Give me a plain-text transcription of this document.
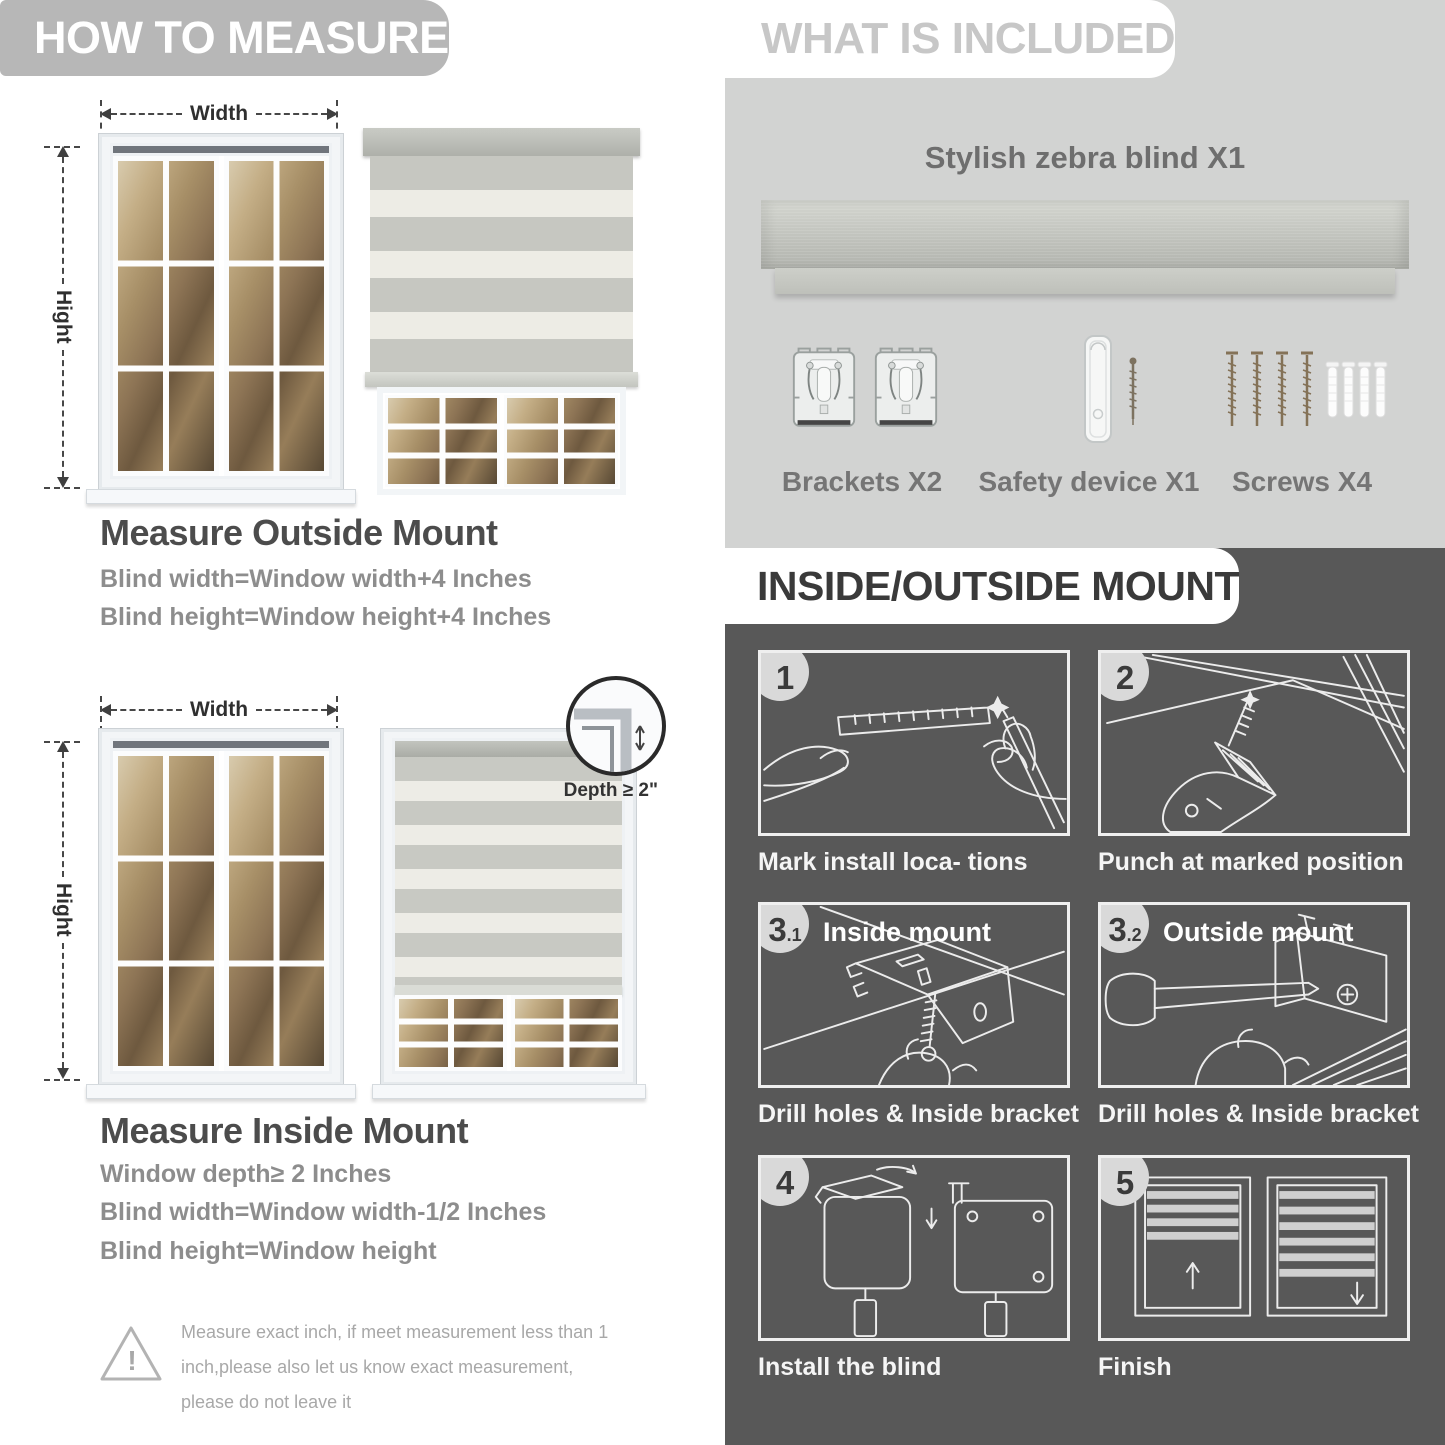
HOW TO MEASURE
Width
Hight
Measure Outside Mount
Blind width=Window width+4 Inches
Blind height=Window height+4 Inches
Width
Hight
Depth ≥ 2"
Measure Inside Mount
Window depth≥ 2 Inches
Blind width=Window width-1/2 Inches
Blind height=Window height
!
Measure exact inch, if meet measurement less than 1 inch,please also let us know exact measurement, please do not leave it
WHAT IS INCLUDED
Stylish zebra blind X1
Brackets X2	Safety device X1	Screws X4
INSIDE/OUTSIDE MOUNT
1
Mark install loca- tions
2
Punch at marked position
3 .1 Inside mount
Drill holes & Inside bracket
3 .2 Outside mount
Drill holes & Inside bracket
4
Install the blind
5
Finish
